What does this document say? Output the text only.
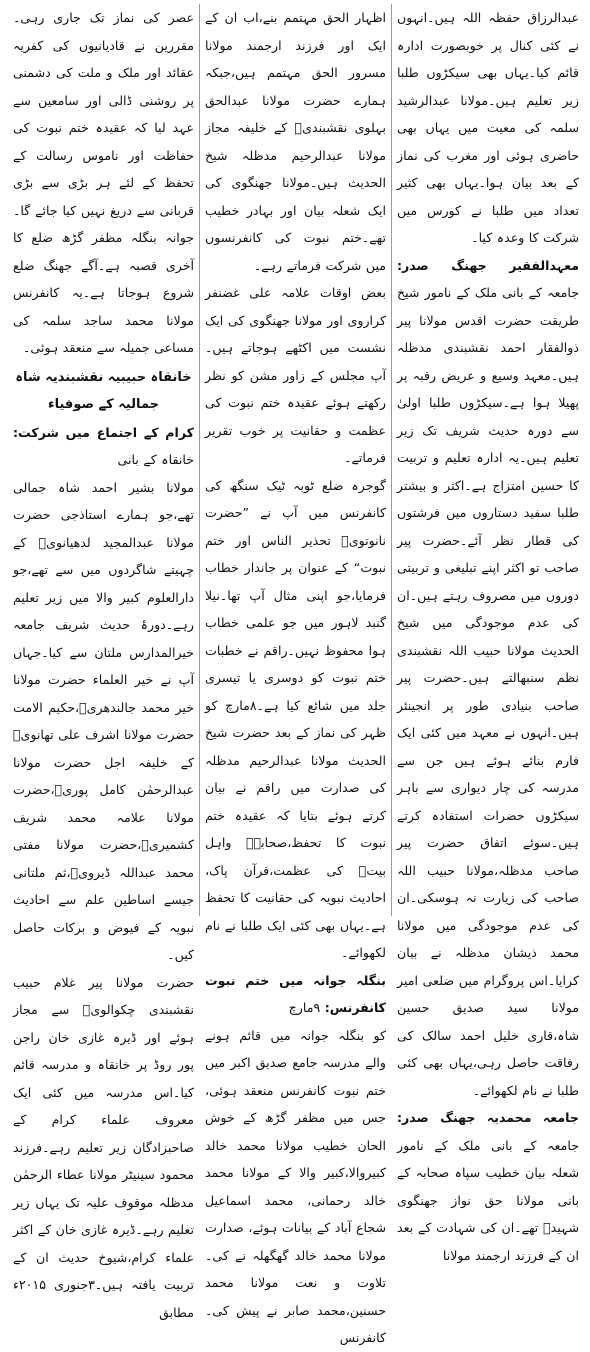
عبدالرزاق حفظہ اللہ ہیں۔انہوں نے کئی کنال پر خوبصورت ادارہ قائم کیا۔یہاں بھی سیکڑوں طلبا زیر تعلیم ہیں۔مولانا عبدالرشید سلمہ کی معیت میں یہاں بھی حاضری ہوئی اور مغرب کی نماز کے بعد بیان ہوا۔یہاں بھی کثیر تعداد میں طلبا نے کورس میں شرکت کا وعدہ کیا۔

معہدالفقیر جھنگ صدر: جامعہ کے بانی ملک کے نامور شیخ طریقت حضرت اقدس مولانا پیر ذوالفقار احمد نقشبندی مدظلہ ہیں۔معہد وسیع و عریض رقبہ پر پھیلا ہوا ہے۔سیکڑوں طلبا اولیٰ سے دورہ حدیث شریف تک زیر تعلیم ہیں۔یہ ادارہ تعلیم و تربیت کا حسین امتزاج ہے۔اکثر و بیشتر طلبا سفید دستاروں میں فرشتوں کی قطار نظر آئے۔حضرت پیر صاحب تو اکثر اپنے تبلیغی و تربیتی دوروں میں مصروف رہتے ہیں۔ان کی عدم موجودگی میں شیخ الحدیث مولانا حبیب اللہ نقشبندی نظم سنبھالتے ہیں۔حضرت پیر صاحب بنیادی طور پر انجینئر ہیں۔انہوں نے معہد میں کئی ایک فارم بنائے ہوئے ہیں جن سے مدرسہ کی چار دیواری سے باہر سیکڑوں حضرات استفادہ کرتے ہیں۔سوئے اتفاق حضرت پیر صاحب مدظلہ،مولانا حبیب اللہ صاحب کی زیارت نہ ہوسکی۔ان کی عدم موجودگی میں مولانا محمد ذیشان مدظلہ نے بیان کرایا۔اس پروگرام میں ضلعی امیر مولانا سید صدیق حسین شاہ،قاری خلیل احمد سالک کی رفاقت حاصل رہی،یہاں بھی کئی طلبا نے نام لکھوائے۔

جامعہ محمدیہ جھنگ صدر: جامعہ کے بانی ملک کے نامور شعلہ بیان خطیب سپاہ صحابہ کے بانی مولانا حق نواز جھنگوی شہیدؒ تھے۔ان کی شہادت کے بعد ان کے فرزند ارجمند مولانا

اظہار الحق مہتمم بنے،اب ان کے ایک اور فرزند ارجمند مولانا مسرور الحق مہتمم ہیں،جبکہ ہمارے حضرت مولانا عبدالحق بہلوی نقشبندیؒ کے خلیفہ مجاز مولانا عبدالرحیم مدظلہ شیخ الحدیث ہیں۔مولانا جھنگوی کی ایک شعلہ بیان اور بہادر خطیب تھے۔ختم نبوت کی کانفرنسوں میں شرکت فرماتے رہے۔

بعض اوقات علامہ علی غضنفر کراروی اور مولانا جھنگوی کی ایک نشست میں اکٹھے ہوجاتے ہیں۔آپ مجلس کے زاور مشن کو نظر رکھتے ہوئے عقیدہ ختم نبوت کی عظمت و حقانیت پر خوب تقریر فرماتے۔

گوجرہ ضلع ٹوبہ ٹیک سنگھ کی کانفرنس میں آپ نے ”حضرت نانوتویؒ تحذیر الناس اور ختم نبوت“ کے عنوان پر جاندار خطاب فرمایا،جو اپنی مثال آپ تھا۔نیلا گنبد لاہور میں جو علمی خطاب ہوا محفوظ نہیں۔راقم نے خطبات ختم نبوت کو دوسری یا تیسری جلد میں شائع کیا ہے۔۸مارچ کو ظہر کی نماز کے بعد حضرت شیخ الحدیث مولانا عبدالرحیم مدظلہ کی صدارت میں راقم نے بیان کرتے ہوئے بتایا کہ عقیدہ ختم نبوت کا تحفظ،صحابہؓ واہل بیتؓ کی عظمت،قرآن پاک، احادیث نبویہ کی حقانیت کا تحفظ ہے۔یہاں بھی کئی ایک طلبا نے نام لکھوائے۔

بنگلہ جوانہ میں ختم نبوت کانفرنس: ۹مارچ

کو بنگلہ جوانہ میں قائم ہونے والے مدرسہ جامع صدیق اکبر میں ختم نبوت کانفرنس منعقد ہوئی، جس میں مظفر گڑھ کے خوش الحان خطیب مولانا محمد خالد کبیروالا،کبیر والا کے مولانا محمد خالد رحمانی، محمد اسماعیل شجاع آباد کے بیانات ہوئے، صدارت مولانا محمد خالد گھگھلہ نے کی۔تلاوت و نعت مولانا محمد حسنین،محمد صابر نے پیش کی۔کانفرنس

عصر کی نماز تک جاری رہی۔مقررین نے قادیانیوں کی کفریہ عقائد اور ملک و ملت کی دشمنی پر روشنی ڈالی اور سامعین سے عہد لیا کہ عقیدہ ختم نبوت کی حفاظت اور ناموس رسالت کے تحفظ کے لئے ہر بڑی سے بڑی قربانی سے دریغ نہیں کیا جائے گا۔جوانہ بنگلہ مظفر گڑھ ضلع کا آخری قصبہ ہے۔آگے جھنگ ضلع شروع ہوجاتا ہے۔یہ کانفرنس مولانا محمد ساجد سلمہ کی مساعی جمیلہ سے منعقد ہوئی۔

خانقاہ حبیبیہ نقشبندیہ شاہ جمالیہ کے صوفیاء

کرام کے اجتماع میں شرکت: خانقاہ کے بانی

مولانا بشیر احمد شاہ جمالی تھے،جو ہمارے استاذجی حضرت مولانا عبدالمجید لدھیانویؒ کے چہیتے شاگردوں میں سے تھے،جو دارالعلوم کبیر والا میں زیر تعلیم رہے۔دورۂ حدیث شریف جامعہ خیرالمدارس ملتان سے کیا۔جہاں آپ نے خیر العلماء حضرت مولانا خیر محمد جالندھریؒ،حکیم الامت حضرت مولانا اشرف علی تھانویؒ کے خلیفہ اجل حضرت مولانا عبدالرحمٰن کامل پوریؒ،حضرت مولانا علامہ محمد شریف کشمیریؒ،حضرت مولانا مفتی محمد عبداللہ ڈیرویؒ،ثم ملتانی جیسے اساطین علم سے احادیث نبویہ کے فیوض و برکات حاصل کیں۔

حضرت مولانا پیر غلام حبیب نقشبندی چکوالویؒ سے مجاز ہوئے اور ڈیرہ غازی خان راجن پور روڈ پر خانقاہ و مدرسہ قائم کیا۔اس مدرسہ میں کئی ایک معروف علماء کرام کے صاحبزادگان زیر تعلیم رہے۔فرزند محمود سینیٹر مولانا عطاء الرحمٰن مدظلہ موقوف علیہ تک یہاں زیر تعلیم رہے۔ڈیرہ غازی خان کے اکثر علماء کرام،شیوخ حدیث ان کے تربیت یافتہ ہیں۔۳جنوری ۲۰۱۵ء مطابق
